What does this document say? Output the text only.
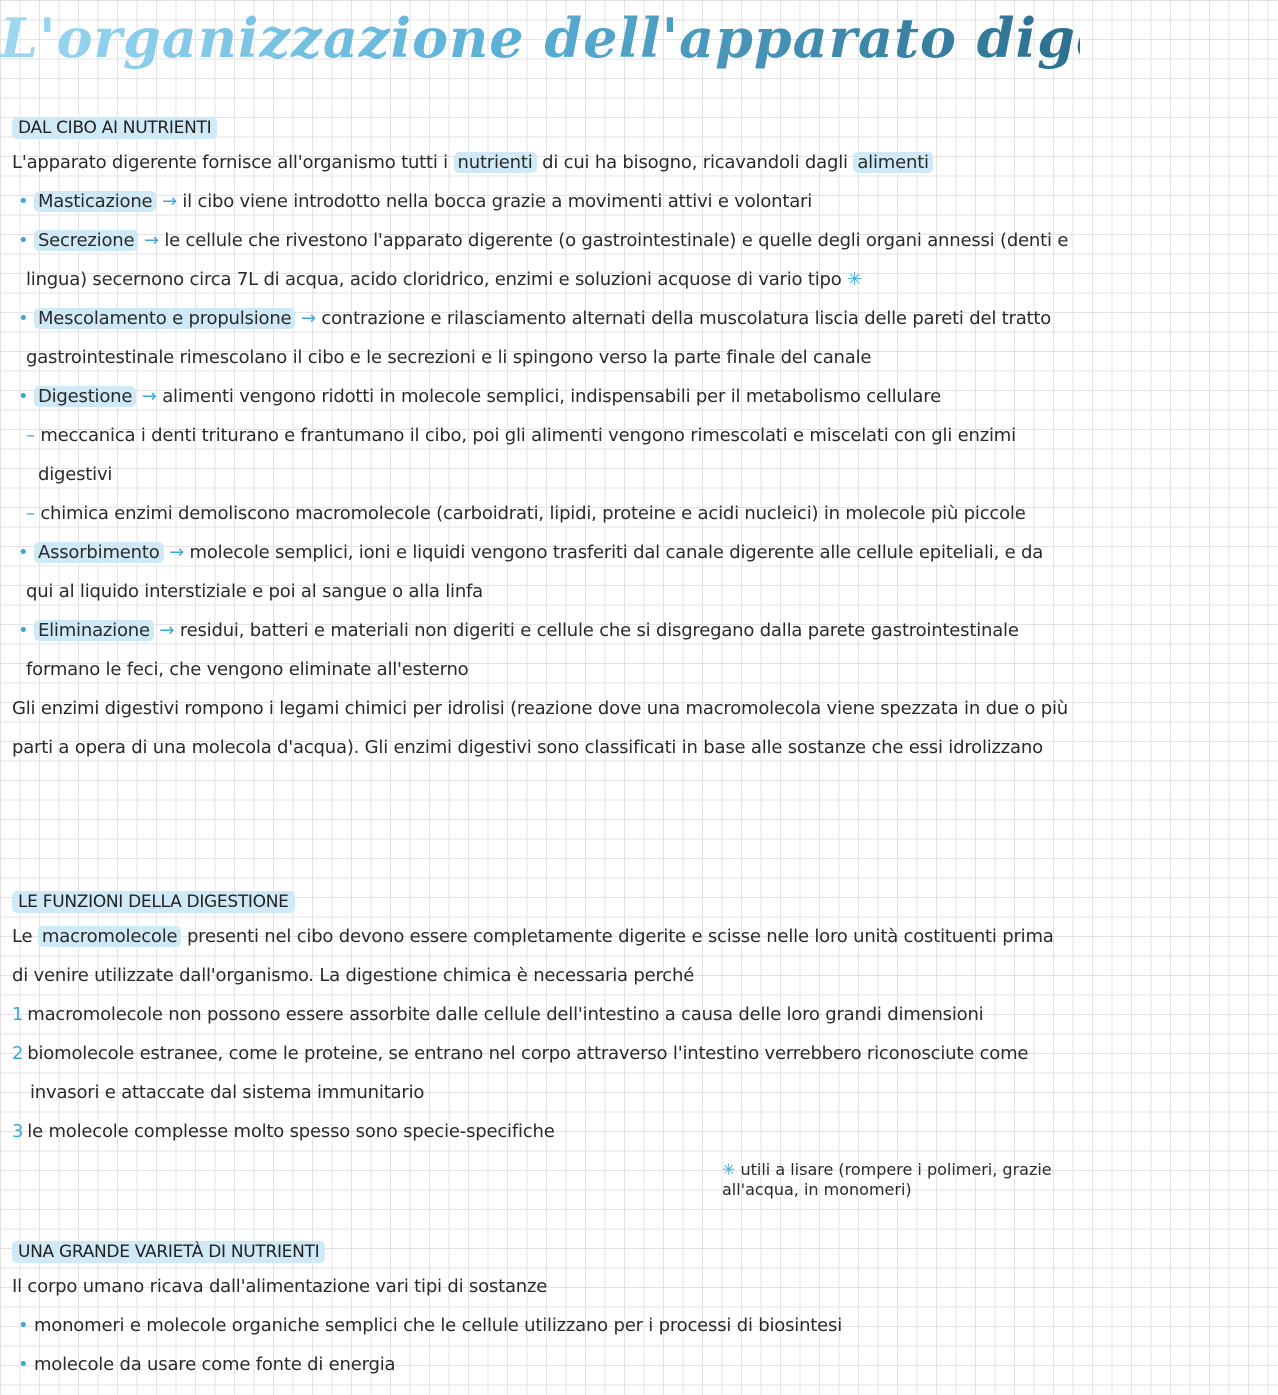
L'organizzazione dell'apparato digerente

DAL CIBO AI NUTRIENTI

L'apparato digerente fornisce all'organismo tutti i nutrienti di cui ha bisogno, ricavandoli dagli alimenti

• Masticazione → il cibo viene introdotto nella bocca grazie a movimenti attivi e volontari

• Secrezione → le cellule che rivestono l'apparato digerente (o gastrointestinale) e quelle degli organi annessi (denti e lingua) secernono circa 7L di acqua, acido cloridrico, enzimi e soluzioni acquose di vario tipo ✳

• Mescolamento e propulsione → contrazione e rilasciamento alternati della muscolatura liscia delle pareti del tratto gastrointestinale rimescolano il cibo e le secrezioni e li spingono verso la parte finale del canale

• Digestione → alimenti vengono ridotti in molecole semplici, indispensabili per il metabolismo cellulare

– meccanica i denti triturano e frantumano il cibo, poi gli alimenti vengono rimescolati e miscelati con gli enzimi digestivi

– chimica enzimi demoliscono macromolecole (carboidrati, lipidi, proteine e acidi nucleici) in molecole più piccole

• Assorbimento → molecole semplici, ioni e liquidi vengono trasferiti dal canale digerente alle cellule epiteliali, e da qui al liquido interstiziale e poi al sangue o alla linfa

• Eliminazione → residui, batteri e materiali non digeriti e cellule che si disgregano dalla parete gastrointestinale formano le feci, che vengono eliminate all'esterno

Gli enzimi digestivi rompono i legami chimici per idrolisi (reazione dove una macromolecola viene spezzata in due o più parti a opera di una molecola d'acqua). Gli enzimi digestivi sono classificati in base alle sostanze che essi idrolizzano

LE FUNZIONI DELLA DIGESTIONE

Le macromolecole presenti nel cibo devono essere completamente digerite e scisse nelle loro unità costituenti prima di venire utilizzate dall'organismo. La digestione chimica è necessaria perché

1 macromolecole non possono essere assorbite dalle cellule dell'intestino a causa delle loro grandi dimensioni

2 biomolecole estranee, come le proteine, se entrano nel corpo attraverso l'intestino verrebbero riconosciute come invasori e attaccate dal sistema immunitario

3 le molecole complesse molto spesso sono specie-specifiche

✳ utili a lisare (rompere i polimeri, grazie all'acqua, in monomeri)

UNA GRANDE VARIETÀ DI NUTRIENTI

Il corpo umano ricava dall'alimentazione vari tipi di sostanze

• monomeri e molecole organiche semplici che le cellule utilizzano per i processi di biosintesi

• molecole da usare come fonte di energia
